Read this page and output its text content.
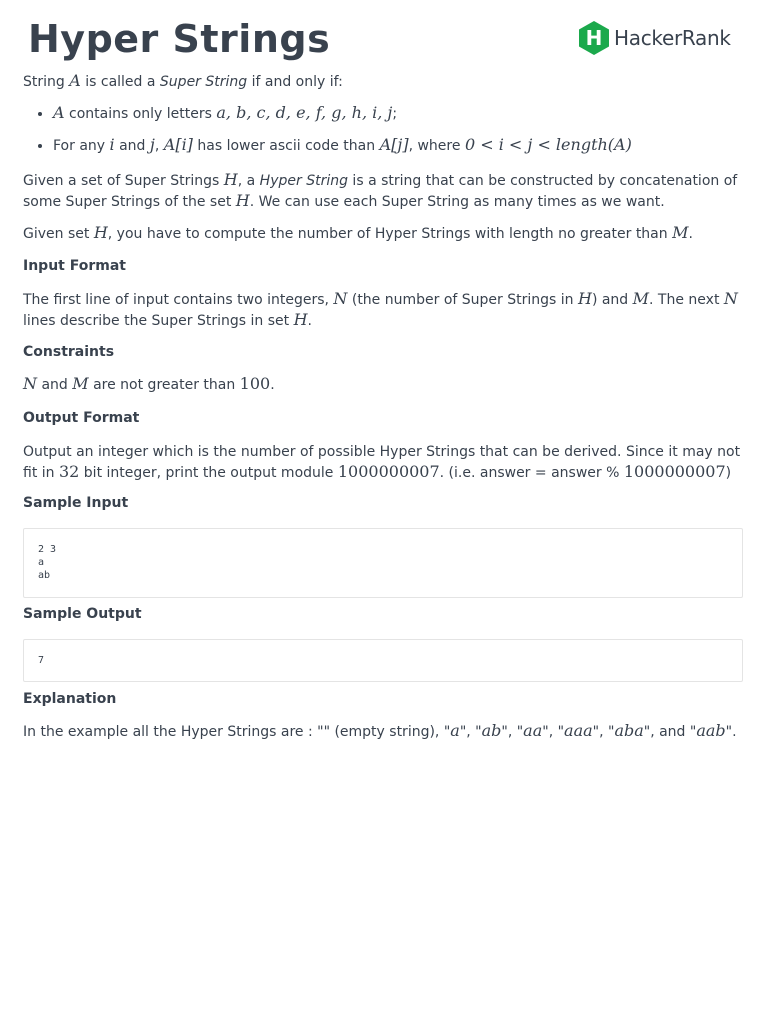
Hyper Strings	H HackerRank

String A is called a Super String if and only if:

• A contains only letters a, b, c, d, e, f, g, h, i, j;
• For any i and j, A[i] has lower ascii code than A[j], where 0 < i < j < length(A)

Given a set of Super Strings H, a Hyper String is a string that can be constructed by concatenation of some Super Strings of the set H. We can use each Super String as many times as we want.

Given set H, you have to compute the number of Hyper Strings with length no greater than M.

Input Format

The first line of input contains two integers, N (the number of Super Strings in H) and M. The next N lines describe the Super Strings in set H.

Constraints

N and M are not greater than 100.

Output Format

Output an integer which is the number of possible Hyper Strings that can be derived. Since it may not fit in 32 bit integer, print the output module 1000000007. (i.e. answer = answer % 1000000007)

Sample Input
2 3
a
ab
Sample Output
7
Explanation

In the example all the Hyper Strings are : "" (empty string), "a", "ab", "aa", "aaa", "aba", and "aab".
